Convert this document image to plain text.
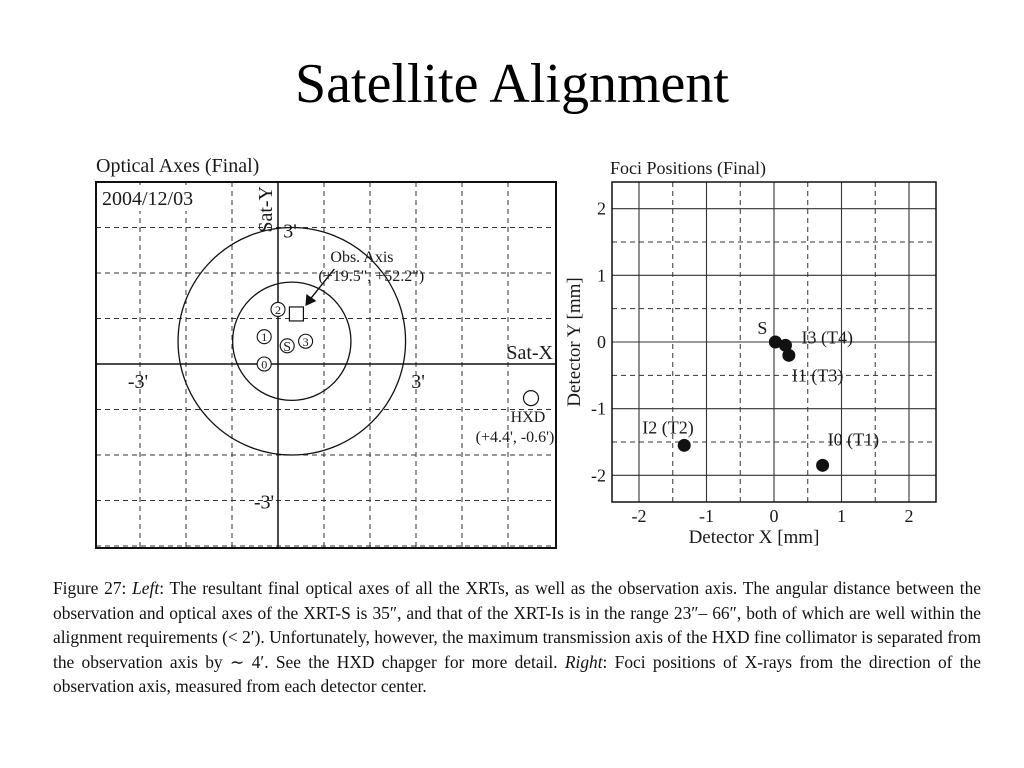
Satellite Alignment
Optical Axes (Final)
2004/12/03
Sat-X
Sat-Y
-3'	3'
3'
-3'
2
1
S 3
0
HXD
(+4.4', -0.6')
Obs. Axis
(+19.5", +52.2")
Foci Positions (Final)
-2	-1	0	1	2
-2
-1
0
1
2
Detector X [mm]
Detector Y [mm]	S I3 (T4)
I1 (T3)
I2 (T2)
I0 (T1)
Figure 27: Left: The resultant final optical axes of all the XRTs, as well as the observation axis. The angular distance between the observation and optical axes of the XRT-S is 35″, and that of the XRT-Is is in the range 23″– 66″, both of which are well within the alignment requirements (< 2′). Unfortunately, however, the maximum transmission axis of the HXD fine collimator is separated from the observation axis by ∼ 4′. See the HXD chapger for more detail. Right: Foci positions of X-rays from the direction of the observation axis, measured from each detector center.
